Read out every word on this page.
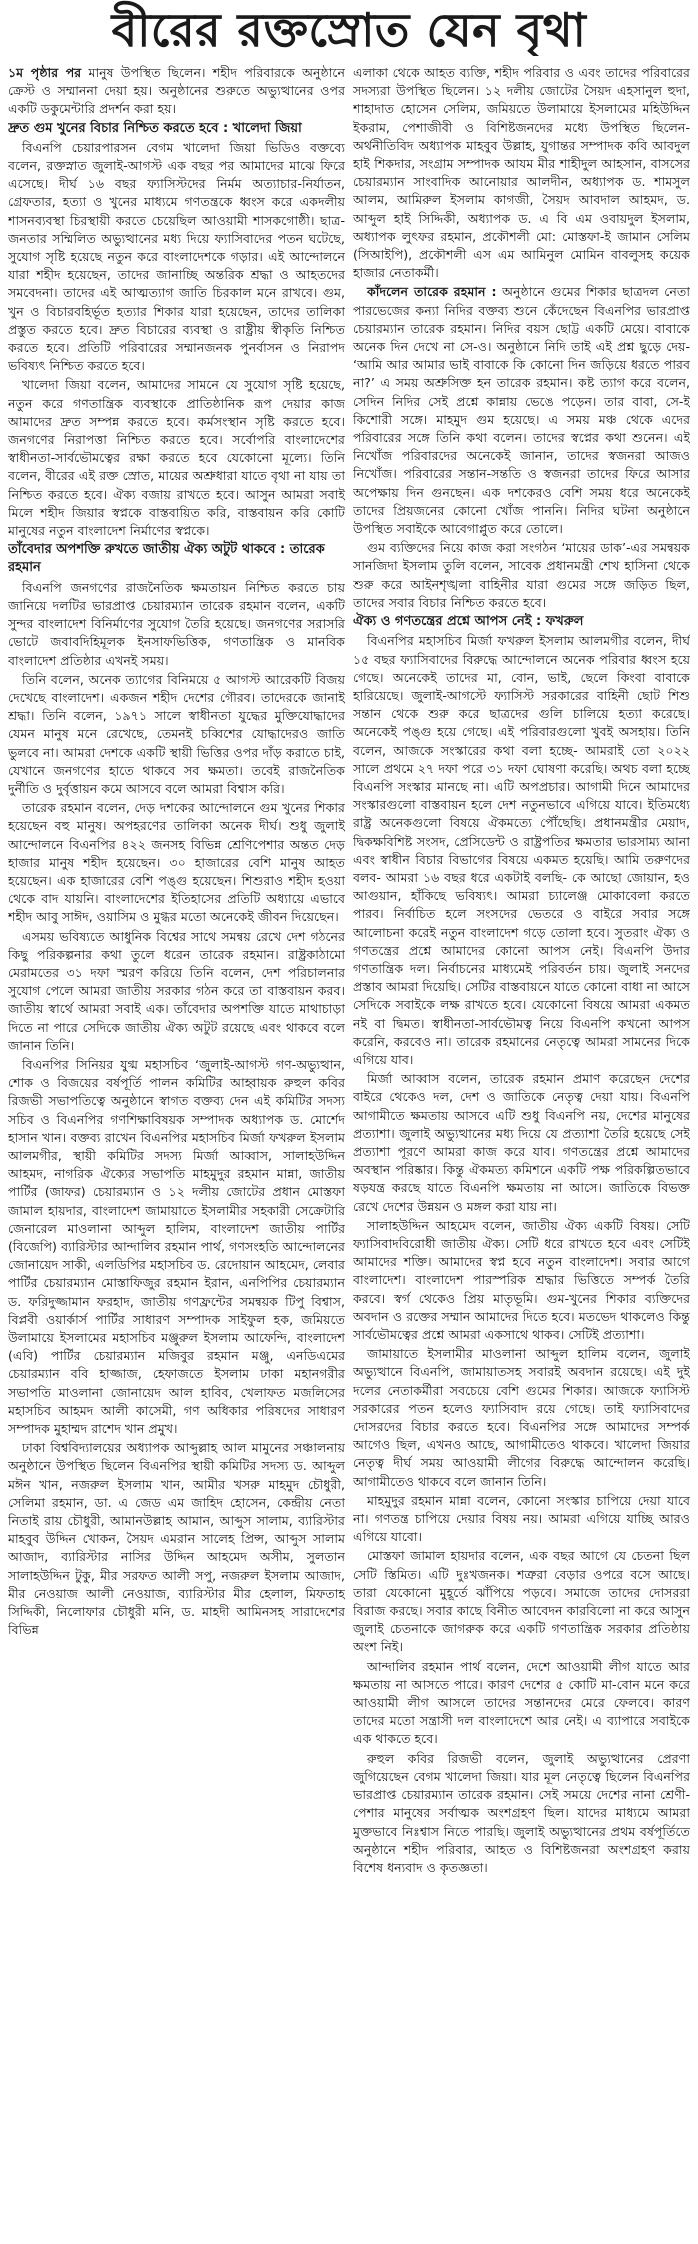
বীরের রক্তস্রোত যেন বৃথা

১ম পৃষ্ঠার পর মানুষ উপস্থিত ছিলেন। শহীদ পরিবারকে অনুষ্ঠানে ক্রেস্ট ও সম্মাননা দেয়া হয়। অনুষ্ঠানের শুরুতে অভ্যুত্থানের ওপর একটি ডকুমেন্টারি প্রদর্শন করা হয়।

দ্রুত গুম খুনের বিচার নিশ্চিত করতে হবে : খালেদা জিয়া

বিএনপি চেয়ারপারসন বেগম খালেদা জিয়া ভিডিও বক্তব্যে বলেন, রক্তস্নাত জুলাই-আগস্ট এক বছর পর আমাদের মাঝে ফিরে এসেছে। দীর্ঘ ১৬ বছর ফ্যাসিস্টদের নির্মম অত্যাচার-নির্যাতন, গ্রেফতার, হত্যা ও খুনের মাধ্যমে গণতন্ত্রকে ধ্বংস করে একদলীয় শাসনব্যবস্থা চিরস্থায়ী করতে চেয়েছিল আওয়ামী শাসকগোষ্ঠী। ছাত্র-জনতার সম্মিলিত অভ্যুত্থানের মধ্য দিয়ে ফ্যাসিবাদের পতন ঘটেছে, সুযোগ সৃষ্টি হয়েছে নতুন করে বাংলাদেশকে গড়ার। এই আন্দোলনে যারা শহীদ হয়েছেন, তাদের জানাচ্ছি অন্তরিক শ্রদ্ধা ও আহতদের সমবেদনা। তাদের এই আত্মত্যাগ জাতি চিরকাল মনে রাখবে। গুম, খুন ও বিচারবহির্ভূত হত্যার শিকার যারা হয়েছেন, তাদের তালিকা প্রস্তুত করতে হবে। দ্রুত বিচারের ব্যবস্থা ও রাষ্ট্রীয় স্বীকৃতি নিশ্চিত করতে হবে। প্রতিটি পরিবারের সম্মানজনক পুনর্বাসন ও নিরাপদ ভবিষ্যৎ নিশ্চিত করতে হবে।

খালেদা জিয়া বলেন, আমাদের সামনে যে সুযোগ সৃষ্টি হয়েছে, নতুন করে গণতান্ত্রিক ব্যবস্থাকে প্রাতিষ্ঠানিক রূপ দেয়ার কাজ আমাদের দ্রুত সম্পন্ন করতে হবে। কর্মসংস্থান সৃষ্টি করতে হবে। জনগণের নিরাপত্তা নিশ্চিত করতে হবে। সর্বোপরি বাংলাদেশের স্বাধীনতা-সার্বভৌমত্বের রক্ষা করতে হবে যেকোনো মূল্যে। তিনি বলেন, বীরের এই রক্ত স্রোত, মায়ের অশ্রুধারা যাতে বৃথা না যায় তা নিশ্চিত করতে হবে। ঐক্য বজায় রাখতে হবে। আসুন আমরা সবাই মিলে শহীদ জিয়ার স্বপ্নকে বাস্তবায়িত করি, বাস্তবায়ন করি কোটি মানুষের নতুন বাংলাদেশ নির্মাণের স্বপ্নকে।

তাঁবেদার অপশক্তি রুখতে জাতীয় ঐক্য অটুট থাকবে : তারেক রহমান

বিএনপি জনগণের রাজনৈতিক ক্ষমতায়ন নিশ্চিত করতে চায় জানিয়ে দলটির ভারপ্রাপ্ত চেয়ারম্যান তারেক রহমান বলেন, একটি সুন্দর বাংলাদেশ বিনির্মাণের সুযোগ তৈরি হয়েছে। জনগণের সরাসরি ভোটে জবাবদিহিমূলক ইনসাফভিত্তিক, গণতান্ত্রিক ও মানবিক বাংলাদেশ প্রতিষ্ঠার এখনই সময়।

তিনি বলেন, অনেক ত্যাগের বিনিময়ে ৫ আগস্ট আরেকটি বিজয় দেখেছে বাংলাদেশ। একজন শহীদ দেশের গৌরব। তাদেরকে জানাই শ্রদ্ধা। তিনি বলেন, ১৯৭১ সালে স্বাধীনতা যুদ্ধের মুক্তিযোদ্ধাদের যেমন মানুষ মনে রেখেছে, তেমনই চব্বিশের যোদ্ধাদেরও জাতি ভুলবে না। আমরা দেশকে একটি স্থায়ী ভিত্তির ওপর দাঁড় করাতে চাই, যেখানে জনগণের হাতে থাকবে সব ক্ষমতা। তবেই রাজনৈতিক দুর্নীতি ও দুর্বৃত্তায়ন কমে আসবে বলে আমরা বিশ্বাস করি।

তারেক রহমান বলেন, দেড় দশকের আন্দোলনে গুম খুনের শিকার হয়েছেন বহু মানুষ। অপহরণের তালিকা অনেক দীর্ঘ। শুধু জুলাই আন্দোলনে বিএনপির ৪২২ জনসহ বিভিন্ন শ্রেণিপেশার অন্তত দেড় হাজার মানুষ শহীদ হয়েছেন। ৩০ হাজারের বেশি মানুষ আহত হয়েছেন। এক হাজারের বেশি পঙ্গু হয়েছেন। শিশুরাও শহীদ হওয়া থেকে বাদ যায়নি। বাংলাদেশের ইতিহাসের প্রতিটি অধ্যায়ে এভাবে শহীদ আবু সাঈদ, ওয়াসিম ও মুগ্ধর মতো অনেকেই জীবন দিয়েছেন।

এসময় ভবিষ্যতে আধুনিক বিশ্বের সাথে সমন্বয় রেখে দেশ গঠনের কিছু পরিকল্পনার কথা তুলে ধরেন তারেক রহমান। রাষ্ট্রকাঠামো মেরামতের ৩১ দফা স্মরণ করিয়ে তিনি বলেন, দেশ পরিচালনার সুযোগ পেলে আমরা জাতীয় সরকার গঠন করে তা বাস্তবায়ন করব। জাতীয় স্বার্থে আমরা সবাই এক। তাঁবেদার অপশক্তি যাতে মাথাচাড়া দিতে না পারে সেদিকে জাতীয় ঐক্য অটুট রয়েছে এবং থাকবে বলে জানান তিনি।

বিএনপির সিনিয়র যুগ্ম মহাসচিব ‘জুলাই-আগস্ট গণ-অভ্যুত্থান, শোক ও বিজয়ের বর্ষপূর্তি পালন কমিটির আহ্বায়ক রুহুল কবির রিজভী সভাপতিত্বে অনুষ্ঠানে স্বাগত বক্তব্য দেন এই কমিটির সদস্য সচিব ও বিএনপির গণশিক্ষাবিষয়ক সম্পাদক অধ্যাপক ড. মোর্শেদ হাসান খান। বক্তব্য রাখেন বিএনপির মহাসচিব মির্জা ফখরুল ইসলাম আলমগীর, স্থায়ী কমিটির সদস্য মির্জা আব্বাস, সালাহউদ্দিন আহমদ, নাগরিক ঐক্যের সভাপতি মাহমুদুর রহমান মান্না, জাতীয় পার্টির (জাফর) চেয়ারম্যান ও ১২ দলীয় জোটের প্রধান মোস্তফা জামাল হায়দার, বাংলাদেশ জামায়াতে ইসলামীর সহকারী সেক্রেটারি জেনারেল মাওলানা আব্দুল হালিম, বাংলাদেশ জাতীয় পার্টির (বিজেপি) ব্যারিস্টার আন্দালিব রহমান পার্থ, গণসংহতি আন্দোলনের জোনায়েদ সাকী, এলডিপির মহাসচিব ড. রেদোয়ান আহমেদ, লেবার পার্টির চেয়ারম্যান মোস্তাফিজুর রহমান ইরান, এনপিপির চেয়ারম্যান ড. ফরিদুজ্জামান ফরহাদ, জাতীয় গণফ্রন্টের সমন্বয়ক টিপু বিশ্বাস, বিপ্লবী ওয়ার্কার্স পার্টির সাধারণ সম্পাদক সাইফুল হক, জমিয়তে উলামায়ে ইসলামের মহাসচিব মঞ্জুরুল ইসলাম আফেন্দি, বাংলাদেশ (এবি) পার্টির চেয়ারম্যান মজিবুর রহমান মঞ্জু, এনডিএমের চেয়ারম্যান ববি হাজ্জাজ, হেফাজতে ইসলাম ঢাকা মহানগরীর সভাপতি মাওলানা জোনায়েদ আল হাবিব, খেলাফত মজলিসের মহাসচিব আহমদ আলী কাসেমী, গণ অধিকার পরিষদের সাধারণ সম্পাদক মুহাম্মদ রাশেদ খান প্রমুখ।

ঢাকা বিশ্ববিদ্যালয়ের অধ্যাপক আব্দুল্লাহ আল মামুনের সঞ্চালনায় অনুষ্ঠানে উপস্থিত ছিলেন বিএনপির স্থায়ী কমিটির সদস্য ড. আব্দুল মঈন খান, নজরুল ইসলাম খান, আমীর খসরু মাহমুদ চৌধুরী, সেলিমা রহমান, ডা. এ জেড এম জাহিদ হোসেন, কেন্দ্রীয় নেতা নিতাই রায় চৌধুরী, আমানউল্লাহ আমান, আব্দুস সালাম, ব্যারিস্টার মাহবুব উদ্দিন খোকন, সৈয়দ এমরান সালেহ প্রিন্স, আব্দুস সালাম আজাদ, ব্যারিস্টার নাসির উদ্দিন আহমেদ অসীম, সুলতান সালাহউদ্দিন টুকু, মীর সরফত আলী সপু, নজরুল ইসলাম আজাদ, মীর নেওয়াজ আলী নেওয়াজ, ব্যারিস্টার মীর হেলাল, মিফতাহ সিদ্দিকী, নিলোফার চৌধুরী মনি, ড. মাহদী আমিনসহ সারাদেশের বিভিন্ন

এলাকা থেকে আহত ব্যক্তি, শহীদ পরিবার ও এবং তাদের পরিবারের সদস্যরা উপস্থিত ছিলেন। ১২ দলীয় জোটের সৈয়দ এহসানুল হুদা, শাহাদাত হোসেন সেলিম, জমিয়তে উলামায়ে ইসলামের মহিউদ্দিন ইকরাম, পেশাজীবী ও বিশিষ্টজনদের মধ্যে উপস্থিত ছিলেন- অর্থনীতিবিদ অধ্যাপক মাহবুব উল্লাহ, যুগান্তর সম্পাদক কবি আবদুল হাই শিকদার, সংগ্রাম সম্পাদক আযম মীর শাহীদুল আহসান, বাসসের চেয়ারম্যান সাংবাদিক আনোয়ার আলদীন, অধ্যাপক ড. শামসুল আলম, আমিরুল ইসলাম কাগজী, সৈয়দ আবদাল আহমদ, ড. আব্দুল হাই সিদ্দিকী, অধ্যাপক ড. এ বি এম ওবায়দুল ইসলাম, অধ্যাপক লুৎফর রহমান, প্রকৌশলী মো: মোস্তফা-ই জামান সেলিম (সিআইপি), প্রকৌশলী এস এম আমিনুল মোমিন বাবলুসহ কয়েক হাজার নেতাকর্মী।

কাঁদলেন তারেক রহমান : অনুষ্ঠানে গুমের শিকার ছাত্রদল নেতা পারভেজের কন্যা নিদির বক্তব্য শুনে কেঁদেছেন বিএনপির ভারপ্রাপ্ত চেয়ারম্যান তারেক রহমান। নিদির বয়স ছোট্ট একটি মেয়ে। বাবাকে অনেক দিন দেখে না সে-ও। অনুষ্ঠানে নিদি তাই এই প্রশ্ন ছুড়ে দেয়- ‘আমি আর আমার ভাই বাবাকে কি কোনো দিন জড়িয়ে ধরতে পারব না?’ এ সময় অশ্রুসিক্ত হন তারেক রহমান। কষ্ট ত্যাগ করে বলেন, সেদিন নিদির সেই প্রশ্নে কান্নায় ভেঙে পড়েন। তার বাবা, সে-ই কিশোরী সঙ্গে। মাহমুদ গুম হয়েছে। এ সময় মঞ্চ থেকে এদের পরিবারের সঙ্গে তিনি কথা বলেন। তাদের স্বপ্নের কথা শুনেন। এই নিখোঁজ পরিবারদের অনেকেই জানান, তাদের স্বজনরা আজও নিখোঁজ। পরিবারের সন্তান-সন্ততি ও স্বজনরা তাদের ফিরে আসার অপেক্ষায় দিন গুনছেন। এক দশকেরও বেশি সময় ধরে অনেকেই তাদের প্রিয়জনের কোনো খোঁজ পাননি। নিদির ঘটনা অনুষ্ঠানে উপস্থিত সবাইকে আবেগাপ্লুত করে তোলে।

গুম ব্যক্তিদের নিয়ে কাজ করা সংগঠন ‘মায়ের ডাক’-এর সমন্বয়ক সানজিদা ইসলাম তুলি বলেন, সাবেক প্রধানমন্ত্রী শেখ হাসিনা থেকে শুরু করে আইনশৃঙ্খলা বাহিনীর যারা গুমের সঙ্গে জড়িত ছিল, তাদের সবার বিচার নিশ্চিত করতে হবে।

ঐক্য ও গণতন্ত্রের প্রশ্নে আপস নেই : ফখরুল

বিএনপির মহাসচিব মির্জা ফখরুল ইসলাম আলমগীর বলেন, দীর্ঘ ১৫ বছর ফ্যাসিবাদের বিরুদ্ধে আন্দোলনে অনেক পরিবার ধ্বংস হয়ে গেছে। অনেকেই তাদের মা, বোন, ভাই, ছেলে কিংবা বাবাকে হারিয়েছে। জুলাই-আগস্টে ফ্যাসিস্ট সরকারের বাহিনী ছোট শিশু সন্তান থেকে শুরু করে ছাত্রদের গুলি চালিয়ে হত্যা করেছে। অনেকেই পঙ্গু হয়ে গেছে। এই পরিবারগুলো খুবই অসহায়। তিনি বলেন, আজকে সংস্কারের কথা বলা হচ্ছে- আমরাই তো ২০২২ সালে প্রথমে ২৭ দফা পরে ৩১ দফা ঘোষণা করেছি। অথচ বলা হচ্ছে বিএনপি সংস্কার মানছে না। এটি অপপ্রচার। আগামী দিনে আমাদের সংস্কারগুলো বাস্তবায়ন হলে দেশ নতুনভাবে এগিয়ে যাবে। ইতিমধ্যে রাষ্ট্র অনেকগুলো বিষয়ে ঐকমত্যে পৌঁছেছি। প্রধানমন্ত্রীর মেয়াদ, দ্বিকক্ষবিশিষ্ট সংসদ, প্রেসিডেন্ট ও রাষ্ট্রপতির ক্ষমতার ভারসাম্য আনা এবং স্বাধীন বিচার বিভাগের বিষয়ে একমত হয়েছি। আমি তরুণদের বলব- আমরা ১৬ বছর ধরে একটাই বলছি- কে আছো জোয়ান, হও আগুয়ান, হাঁকিছে ভবিষ্যৎ। আমরা চ্যালেঞ্জ মোকাবেলা করতে পারব। নির্বাচিত হলে সংসদের ভেতরে ও বাইরে সবার সঙ্গে আলোচনা করেই নতুন বাংলাদেশ গড়ে তোলা হবে। সুতরাং ঐক্য ও গণতন্ত্রের প্রশ্নে আমাদের কোনো আপস নেই। বিএনপি উদার গণতান্ত্রিক দল। নির্বাচনের মাধ্যমেই পরিবর্তন চায়। জুলাই সনদের প্রস্তাব আমরা দিয়েছি। সেটির বাস্তবায়নে যাতে কোনো বাধা না আসে সেদিকে সবাইকে লক্ষ রাখতে হবে। যেকোনো বিষয়ে আমরা একমত নই বা দ্বিমত। স্বাধীনতা-সার্বভৌমত্ব নিয়ে বিএনপি কখনো আপস করেনি, করবেও না। তারেক রহমানের নেতৃত্বে আমরা সামনের দিকে এগিয়ে যাব।

মির্জা আব্বাস বলেন, তারেক রহমান প্রমাণ করেছেন দেশের বাইরে থেকেও দল, দেশ ও জাতিকে নেতৃত্ব দেয়া যায়। বিএনপি আগামীতে ক্ষমতায় আসবে এটি শুধু বিএনপি নয়, দেশের মানুষের প্রত্যাশা। জুলাই অভ্যুত্থানের মধ্য দিয়ে যে প্রত্যাশা তৈরি হয়েছে সেই প্রত্যাশা পূরণে আমরা কাজ করে যাব। গণতন্ত্রের প্রশ্নে আমাদের অবস্থান পরিষ্কার। কিন্তু ঐকমত্য কমিশনে একটি পক্ষ পরিকল্পিতভাবে ষড়যন্ত্র করছে যাতে বিএনপি ক্ষমতায় না আসে। জাতিকে বিভক্ত রেখে দেশের উন্নয়ন ও মঙ্গল করা যায় না।

সালাহউদ্দিন আহমেদ বলেন, জাতীয় ঐক্য একটি বিষয়। সেটি ফ্যাসিবাদবিরোধী জাতীয় ঐক্য। সেটি ধরে রাখতে হবে এবং সেটিই আমাদের শক্তি। আমাদের স্বপ্ন হবে নতুন বাংলাদেশ। সবার আগে বাংলাদেশ। বাংলাদেশ পারস্পরিক শ্রদ্ধার ভিত্তিতে সম্পর্ক তৈরি করবে। স্বর্গ থেকেও প্রিয় মাতৃভূমি। গুম-খুনের শিকার ব্যক্তিদের অবদান ও রক্তের সম্মান আমাদের দিতে হবে। মতভেদ থাকলেও কিন্তু সার্বভৌমত্বের প্রশ্নে আমরা একসাথে থাকব। সেটিই প্রত্যাশা।

জামায়াতে ইসলামীর মাওলানা আব্দুল হালিম বলেন, জুলাই অভ্যুত্থানে বিএনপি, জামায়াতসহ সবারই অবদান রয়েছে। এই দুই দলের নেতাকর্মীরা সবচেয়ে বেশি গুমের শিকার। আজকে ফ্যাসিস্ট সরকারের পতন হলেও ফ্যাসিবাদ রয়ে গেছে। তাই ফ্যাসিবাদের দোসরদের বিচার করতে হবে। বিএনপির সঙ্গে আমাদের সম্পর্ক আগেও ছিল, এখনও আছে, আগামীতেও থাকবে। খালেদা জিয়ার নেতৃত্ব দীর্ঘ সময় আওয়ামী লীগের বিরুদ্ধে আন্দোলন করেছি। আগামীতেও থাকবে বলে জানান তিনি।

মাহমুদুর রহমান মান্না বলেন, কোনো সংস্কার চাপিয়ে দেয়া যাবে না। গণতন্ত্র চাপিয়ে দেয়ার বিষয় নয়। আমরা এগিয়ে যাচ্ছি আরও এগিয়ে যাবো।

মোস্তফা জামাল হায়দার বলেন, এক বছর আগে যে চেতনা ছিল সেটি স্তিমিত। এটি দুঃখজনক। শত্রুরা বেড়ার ওপরে বসে আছে। তারা যেকোনো মুহূর্তে ঝাঁপিয়ে পড়বে। সমাজে তাদের দোসররা বিরাজ করছে। সবার কাছে বিনীত আবেদন কারবিলো না করে আসুন জুলাই চেতনাকে জাগরুক করে একটি গণতান্ত্রিক সরকার প্রতিষ্ঠায় অংশ নিই।

আন্দালিব রহমান পার্থ বলেন, দেশে আওয়ামী লীগ যাতে আর ক্ষমতায় না আসতে পারে। কারণ দেশের ৫ কোটি মা-বোন মনে করে আওয়ামী লীগ আসলে তাদের সন্তানদের মেরে ফেলবে। কারণ তাদের মতো সন্ত্রাসী দল বাংলাদেশে আর নেই। এ ব্যাপারে সবাইকে এক থাকতে হবে।

রুহুল কবির রিজভী বলেন, জুলাই অভ্যুত্থানের প্রেরণা জুগিয়েছেন বেগম খালেদা জিয়া। যার মূল নেতৃত্বে ছিলেন বিএনপির ভারপ্রাপ্ত চেয়ারম্যান তারেক রহমান। সেই সময়ে দেশের নানা শ্রেণী-পেশার মানুষের সর্বাত্মক অংশগ্রহণ ছিল। যাদের মাধ্যমে আমরা মুক্তভাবে নিঃশ্বাস নিতে পারছি। জুলাই অভ্যুত্থানের প্রথম বর্ষপূর্তিতে অনুষ্ঠানে শহীদ পরিবার, আহত ও বিশিষ্টজনরা অংশগ্রহণ করায় বিশেষ ধন্যবাদ ও কৃতজ্ঞতা।
